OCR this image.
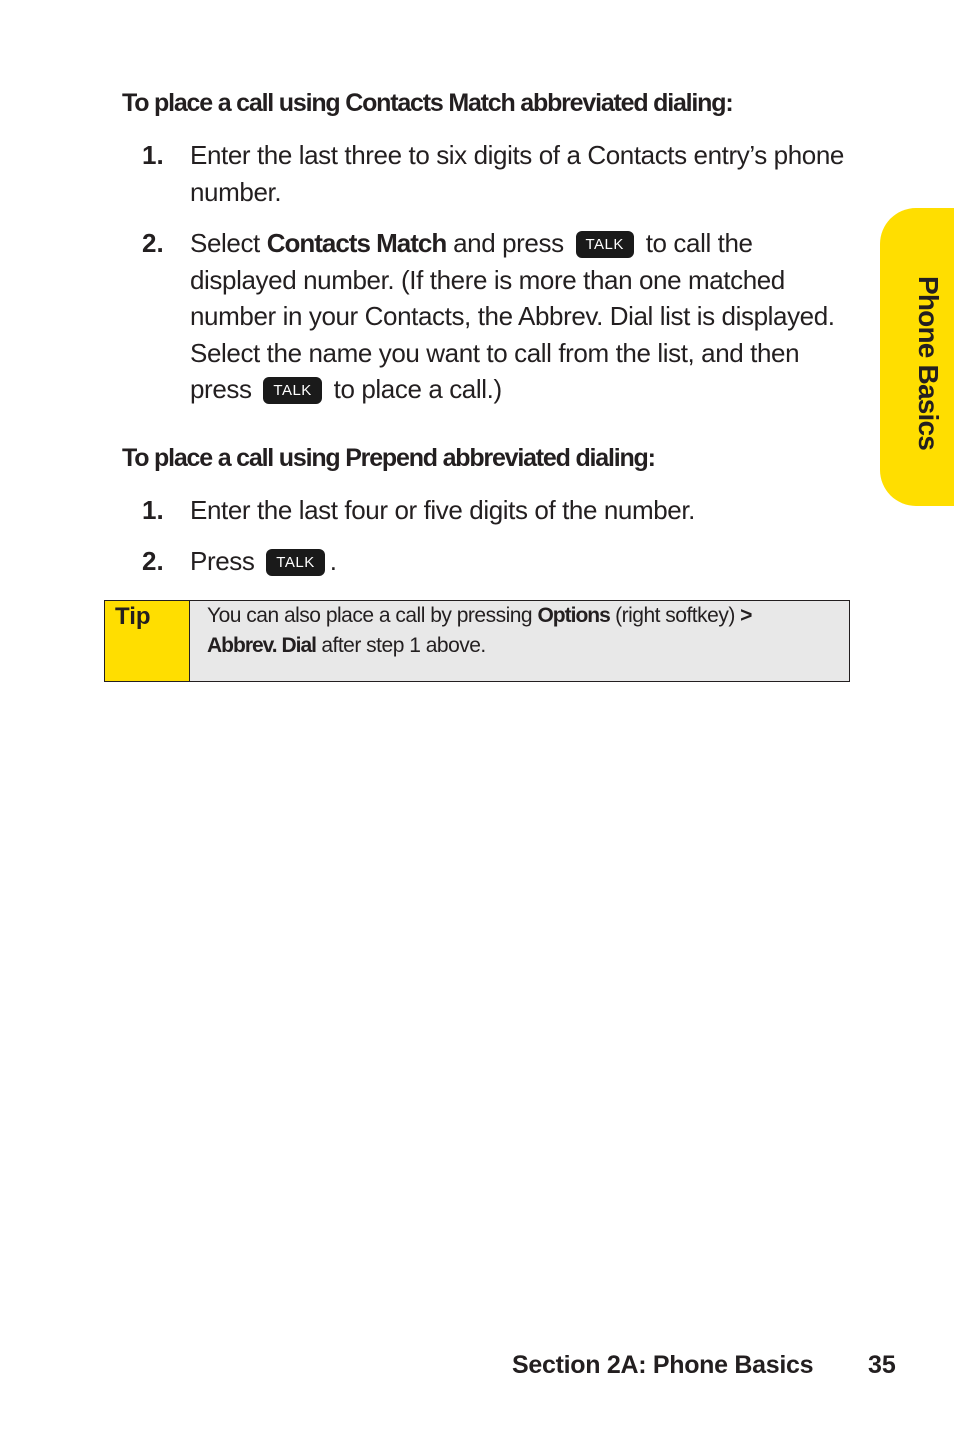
To place a call using Contacts Match abbreviated dialing:
1. Enter the last three to six digits of a Contacts entry’s phone number.
2. Select Contacts Match and press TALK to call the displayed number. (If there is more than one matched number in your Contacts, the Abbrev. Dial list is displayed. Select the name you want to call from the list, and then press TALK to place a call.)
To place a call using Prepend abbreviated dialing:
1. Enter the last four or five digits of the number.
2. Press TALK .
Tip	You can also place a call by pressing Options (right softkey) >
Abbrev. Dial after step 1 above.
Phone Basics
Section 2A: Phone Basics 35
